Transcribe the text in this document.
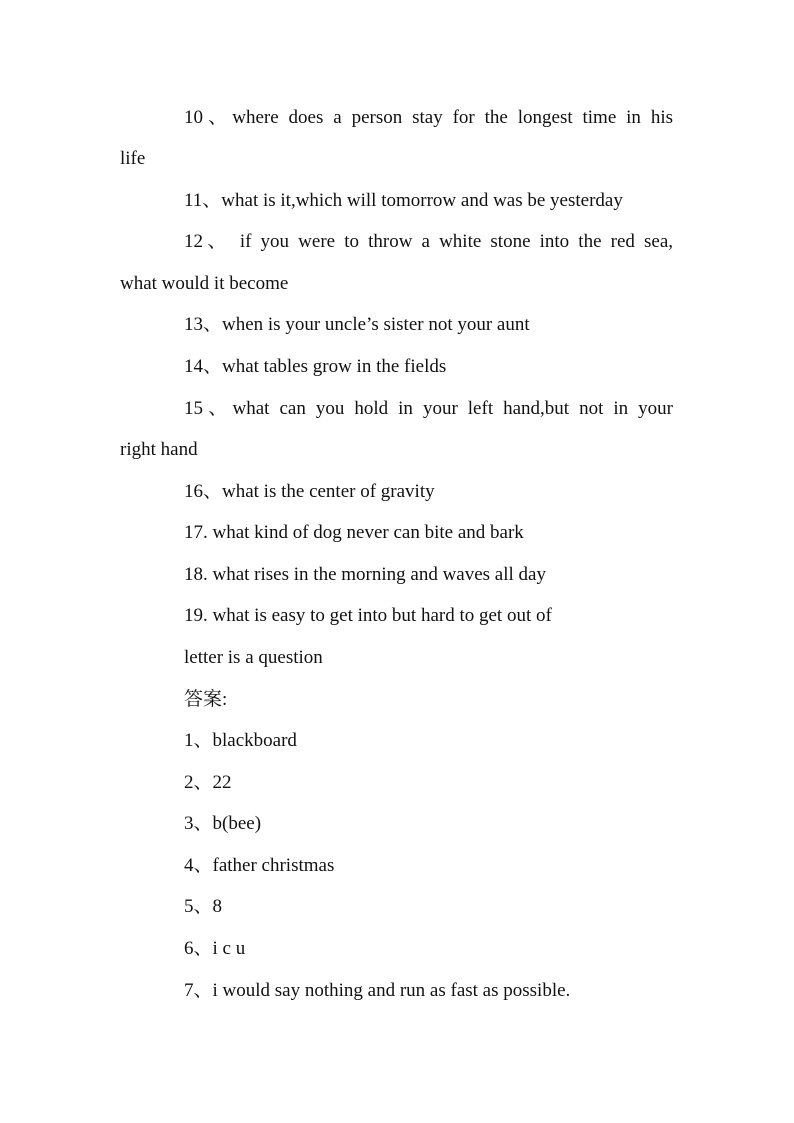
10、where does a person stay for the longest time in his
life
11、what is it,which will tomorrow and was be yesterday
12、 if you were to throw a white stone into the red sea,
what would it become
13、when is your uncle’s sister not your aunt
14、what tables grow in the fields
15、what can you hold in your left hand,but not in your
right hand
16、what is the center of gravity
17. what kind of dog never can bite and bark
18. what rises in the morning and waves all day
19. what is easy to get into but hard to get out of
letter is a question
答案:
1、blackboard
2、22
3、b(bee)
4、father christmas
5、8
6、i c u
7、i would say nothing and run as fast as possible.
